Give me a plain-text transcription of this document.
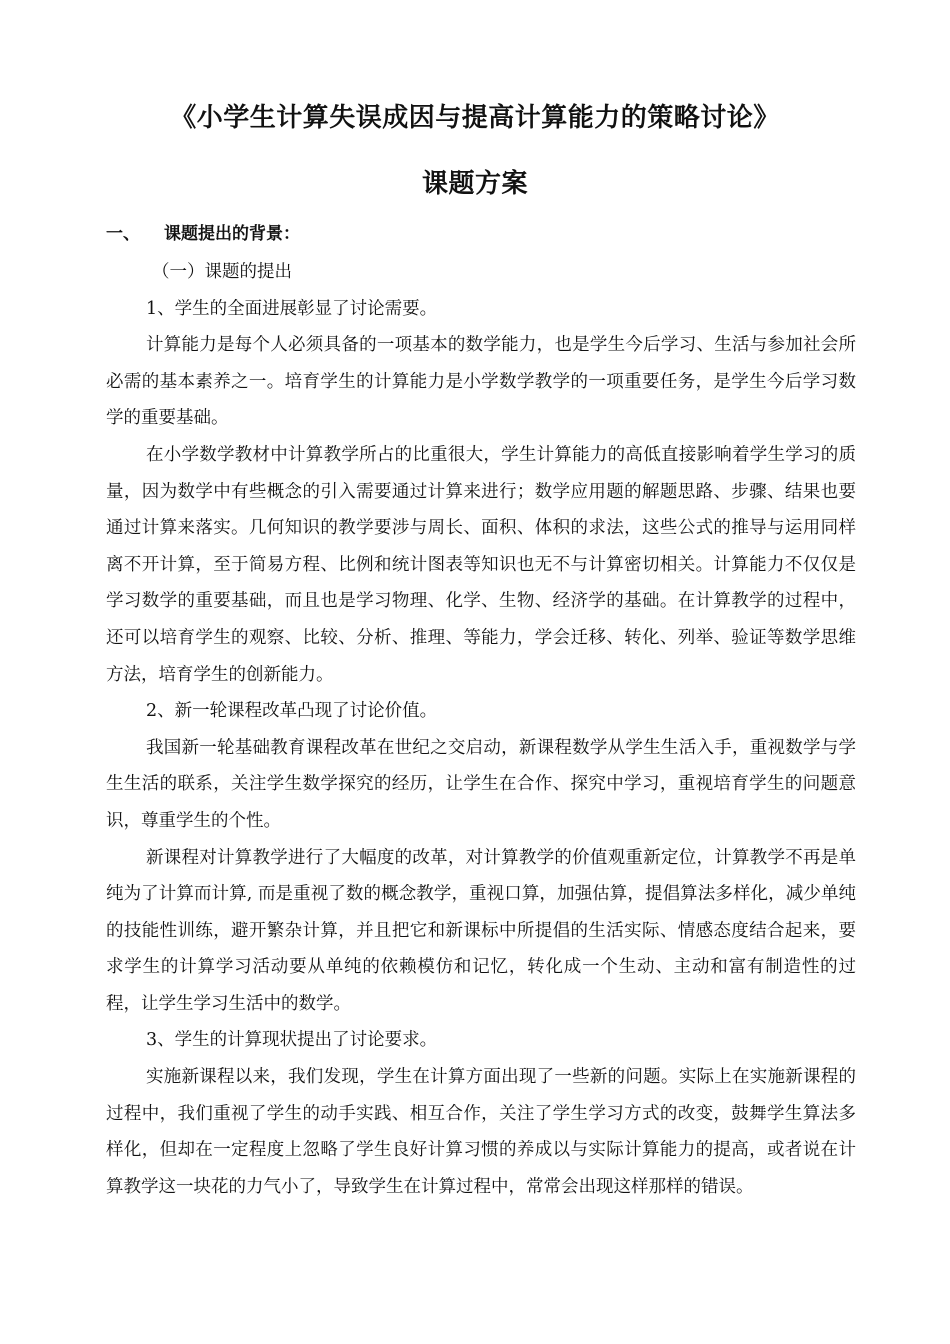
《小学生计算失误成因与提高计算能力的策略讨论》
课题方案
一、 课题提出的背景：

（一）课题的提出

1、学生的全面进展彰显了讨论需要。

计算能力是每个人必须具备的一项基本的数学能力，也是学生今后学习、生活与参加社会所必需的基本素养之一。培育学生的计算能力是小学数学教学的一项重要任务，是学生今后学习数学的重要基础。

在小学数学教材中计算教学所占的比重很大，学生计算能力的高低直接影响着学生学习的质量，因为数学中有些概念的引入需要通过计算来进行；数学应用题的解题思路、步骤、结果也要通过计算来落实。几何知识的教学要涉与周长、面积、体积的求法，这些公式的推导与运用同样离不开计算，至于简易方程、比例和统计图表等知识也无不与计算密切相关。计算能力不仅仅是学习数学的重要基础，而且也是学习物理、化学、生物、经济学的基础。在计算教学的过程中，还可以培育学生的观察、比较、分析、推理、等能力，学会迁移、转化、列举、验证等数学思维方法，培育学生的创新能力。

2、新一轮课程改革凸现了讨论价值。

我国新一轮基础教育课程改革在世纪之交启动，新课程数学从学生生活入手，重视数学与学生生活的联系，关注学生数学探究的经历，让学生在合作、探究中学习，重视培育学生的问题意识，尊重学生的个性。

新课程对计算教学进行了大幅度的改革，对计算教学的价值观重新定位，计算教学不再是单纯为了计算而计算, 而是重视了数的概念教学，重视口算，加强估算，提倡算法多样化，减少单纯的技能性训练，避开繁杂计算，并且把它和新课标中所提倡的生活实际、情感态度结合起来，要求学生的计算学习活动要从单纯的依赖模仿和记忆，转化成一个生动、主动和富有制造性的过程，让学生学习生活中的数学。

3、学生的计算现状提出了讨论要求。

实施新课程以来，我们发现，学生在计算方面出现了一些新的问题。实际上在实施新课程的过程中，我们重视了学生的动手实践、相互合作，关注了学生学习方式的改变，鼓舞学生算法多样化，但却在一定程度上忽略了学生良好计算习惯的养成以与实际计算能力的提高，或者说在计算教学这一块花的力气小了，导致学生在计算过程中，常常会出现这样那样的错误。
